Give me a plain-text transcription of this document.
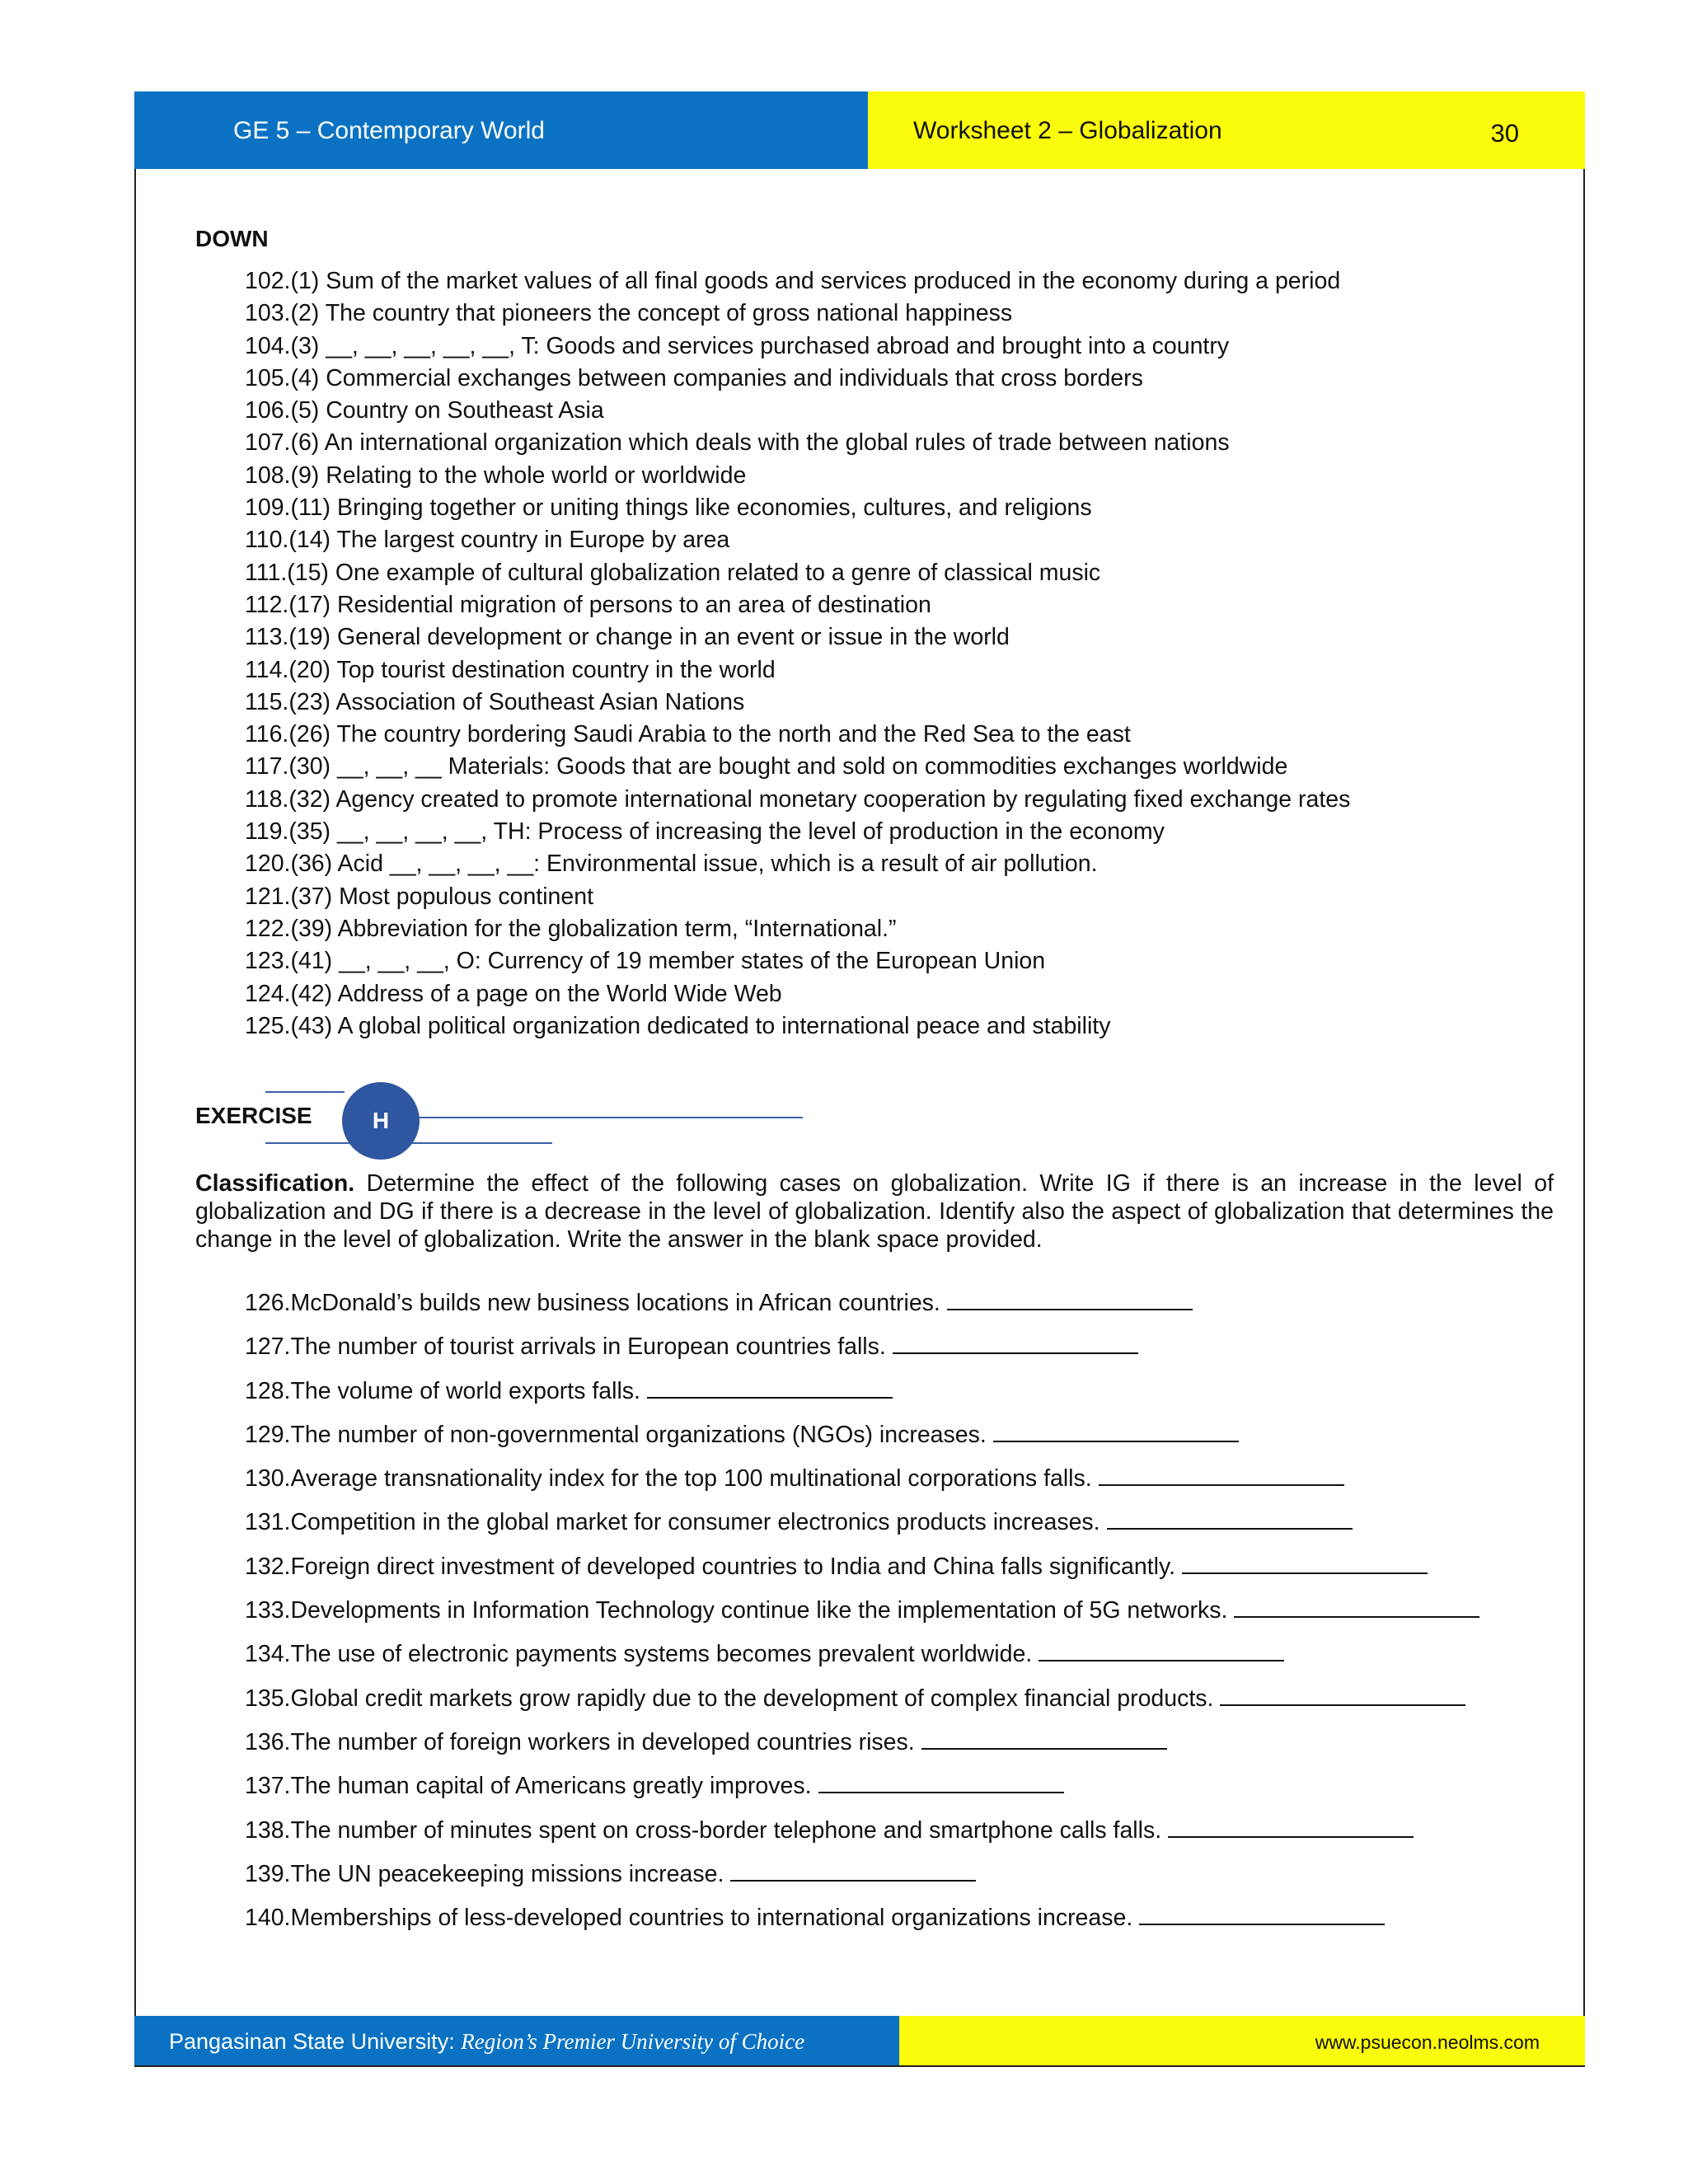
GE 5 – Contemporary World	Worksheet 2 – Globalization	30
DOWN
102.(1) Sum of the market values of all final goods and services produced in the economy during a period
103.(2) The country that pioneers the concept of gross national happiness
104.(3) __, __, __, __, __, T: Goods and services purchased abroad and brought into a country
105.(4) Commercial exchanges between companies and individuals that cross borders
106.(5) Country on Southeast Asia
107.(6) An international organization which deals with the global rules of trade between nations
108.(9) Relating to the whole world or worldwide
109.(11) Bringing together or uniting things like economies, cultures, and religions
110.(14) The largest country in Europe by area
111.(15) One example of cultural globalization related to a genre of classical music
112.(17) Residential migration of persons to an area of destination
113.(19) General development or change in an event or issue in the world
114.(20) Top tourist destination country in the world
115.(23) Association of Southeast Asian Nations
116.(26) The country bordering Saudi Arabia to the north and the Red Sea to the east
117.(30) __, __, __ Materials: Goods that are bought and sold on commodities exchanges worldwide
118.(32) Agency created to promote international monetary cooperation by regulating fixed exchange rates
119.(35) __, __, __, __, TH: Process of increasing the level of production in the economy
120.(36) Acid __, __, __, __: Environmental issue, which is a result of air pollution.
121.(37) Most populous continent
122.(39) Abbreviation for the globalization term, “International.”
123.(41) __, __, __, O: Currency of 19 member states of the European Union
124.(42) Address of a page on the World Wide Web
125.(43) A global political organization dedicated to international peace and stability
EXERCISE	H

Classification. Determine the effect of the following cases on globalization. Write IG if there is an increase in the level of globalization and DG if there is a decrease in the level of globalization. Identify also the aspect of globalization that determines the change in the level of globalization. Write the answer in the blank space provided.

126.McDonald’s builds new business locations in African countries.
127.The number of tourist arrivals in European countries falls.
128.The volume of world exports falls.
129.The number of non-governmental organizations (NGOs) increases.
130.Average transnationality index for the top 100 multinational corporations falls.
131.Competition in the global market for consumer electronics products increases.
132.Foreign direct investment of developed countries to India and China falls significantly.
133.Developments in Information Technology continue like the implementation of 5G networks.
134.The use of electronic payments systems becomes prevalent worldwide.
135.Global credit markets grow rapidly due to the development of complex financial products.
136.The number of foreign workers in developed countries rises.
137.The human capital of Americans greatly improves.
138.The number of minutes spent on cross-border telephone and smartphone calls falls.
139.The UN peacekeeping missions increase.
140.Memberships of less-developed countries to international organizations increase.
Pangasinan State University: Region’s Premier University of Choice	www.psuecon.neolms.com
